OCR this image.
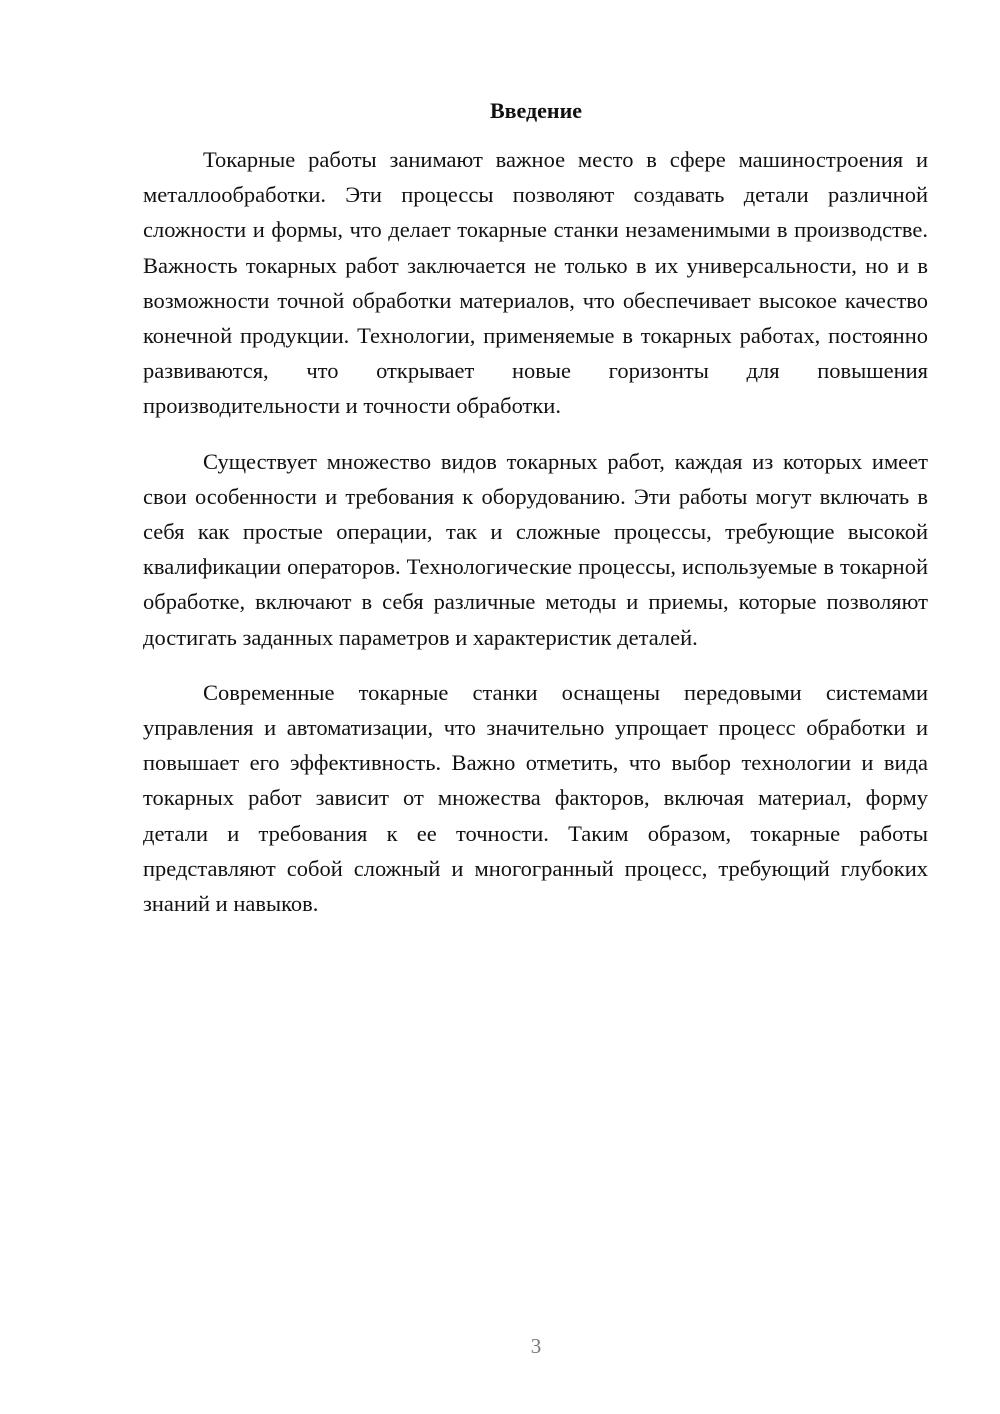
Введение

Токарные работы занимают важное место в сфере машиностроения и металлообработки. Эти процессы позволяют создавать детали различной сложности и формы, что делает токарные станки незаменимыми в производстве. Важность токарных работ заключается не только в их универсальности, но и в возможности точной обработки материалов, что обеспечивает высокое качество конечной продукции. Технологии, применяемые в токарных работах, постоянно развиваются, что открывает новые горизонты для повышения производительности и точности обработки.

Существует множество видов токарных работ, каждая из которых имеет свои особенности и требования к оборудованию. Эти работы могут включать в себя как простые операции, так и сложные процессы, требующие высокой квалификации операторов. Технологические процессы, используемые в токарной обработке, включают в себя различные методы и приемы, которые позволяют достигать заданных параметров и характеристик деталей.

Современные токарные станки оснащены передовыми системами управления и автоматизации, что значительно упрощает процесс обработки и повышает его эффективность. Важно отметить, что выбор технологии и вида токарных работ зависит от множества факторов, включая материал, форму детали и требования к ее точности. Таким образом, токарные работы представляют собой сложный и многогранный процесс, требующий глубоких знаний и навыков.

3
